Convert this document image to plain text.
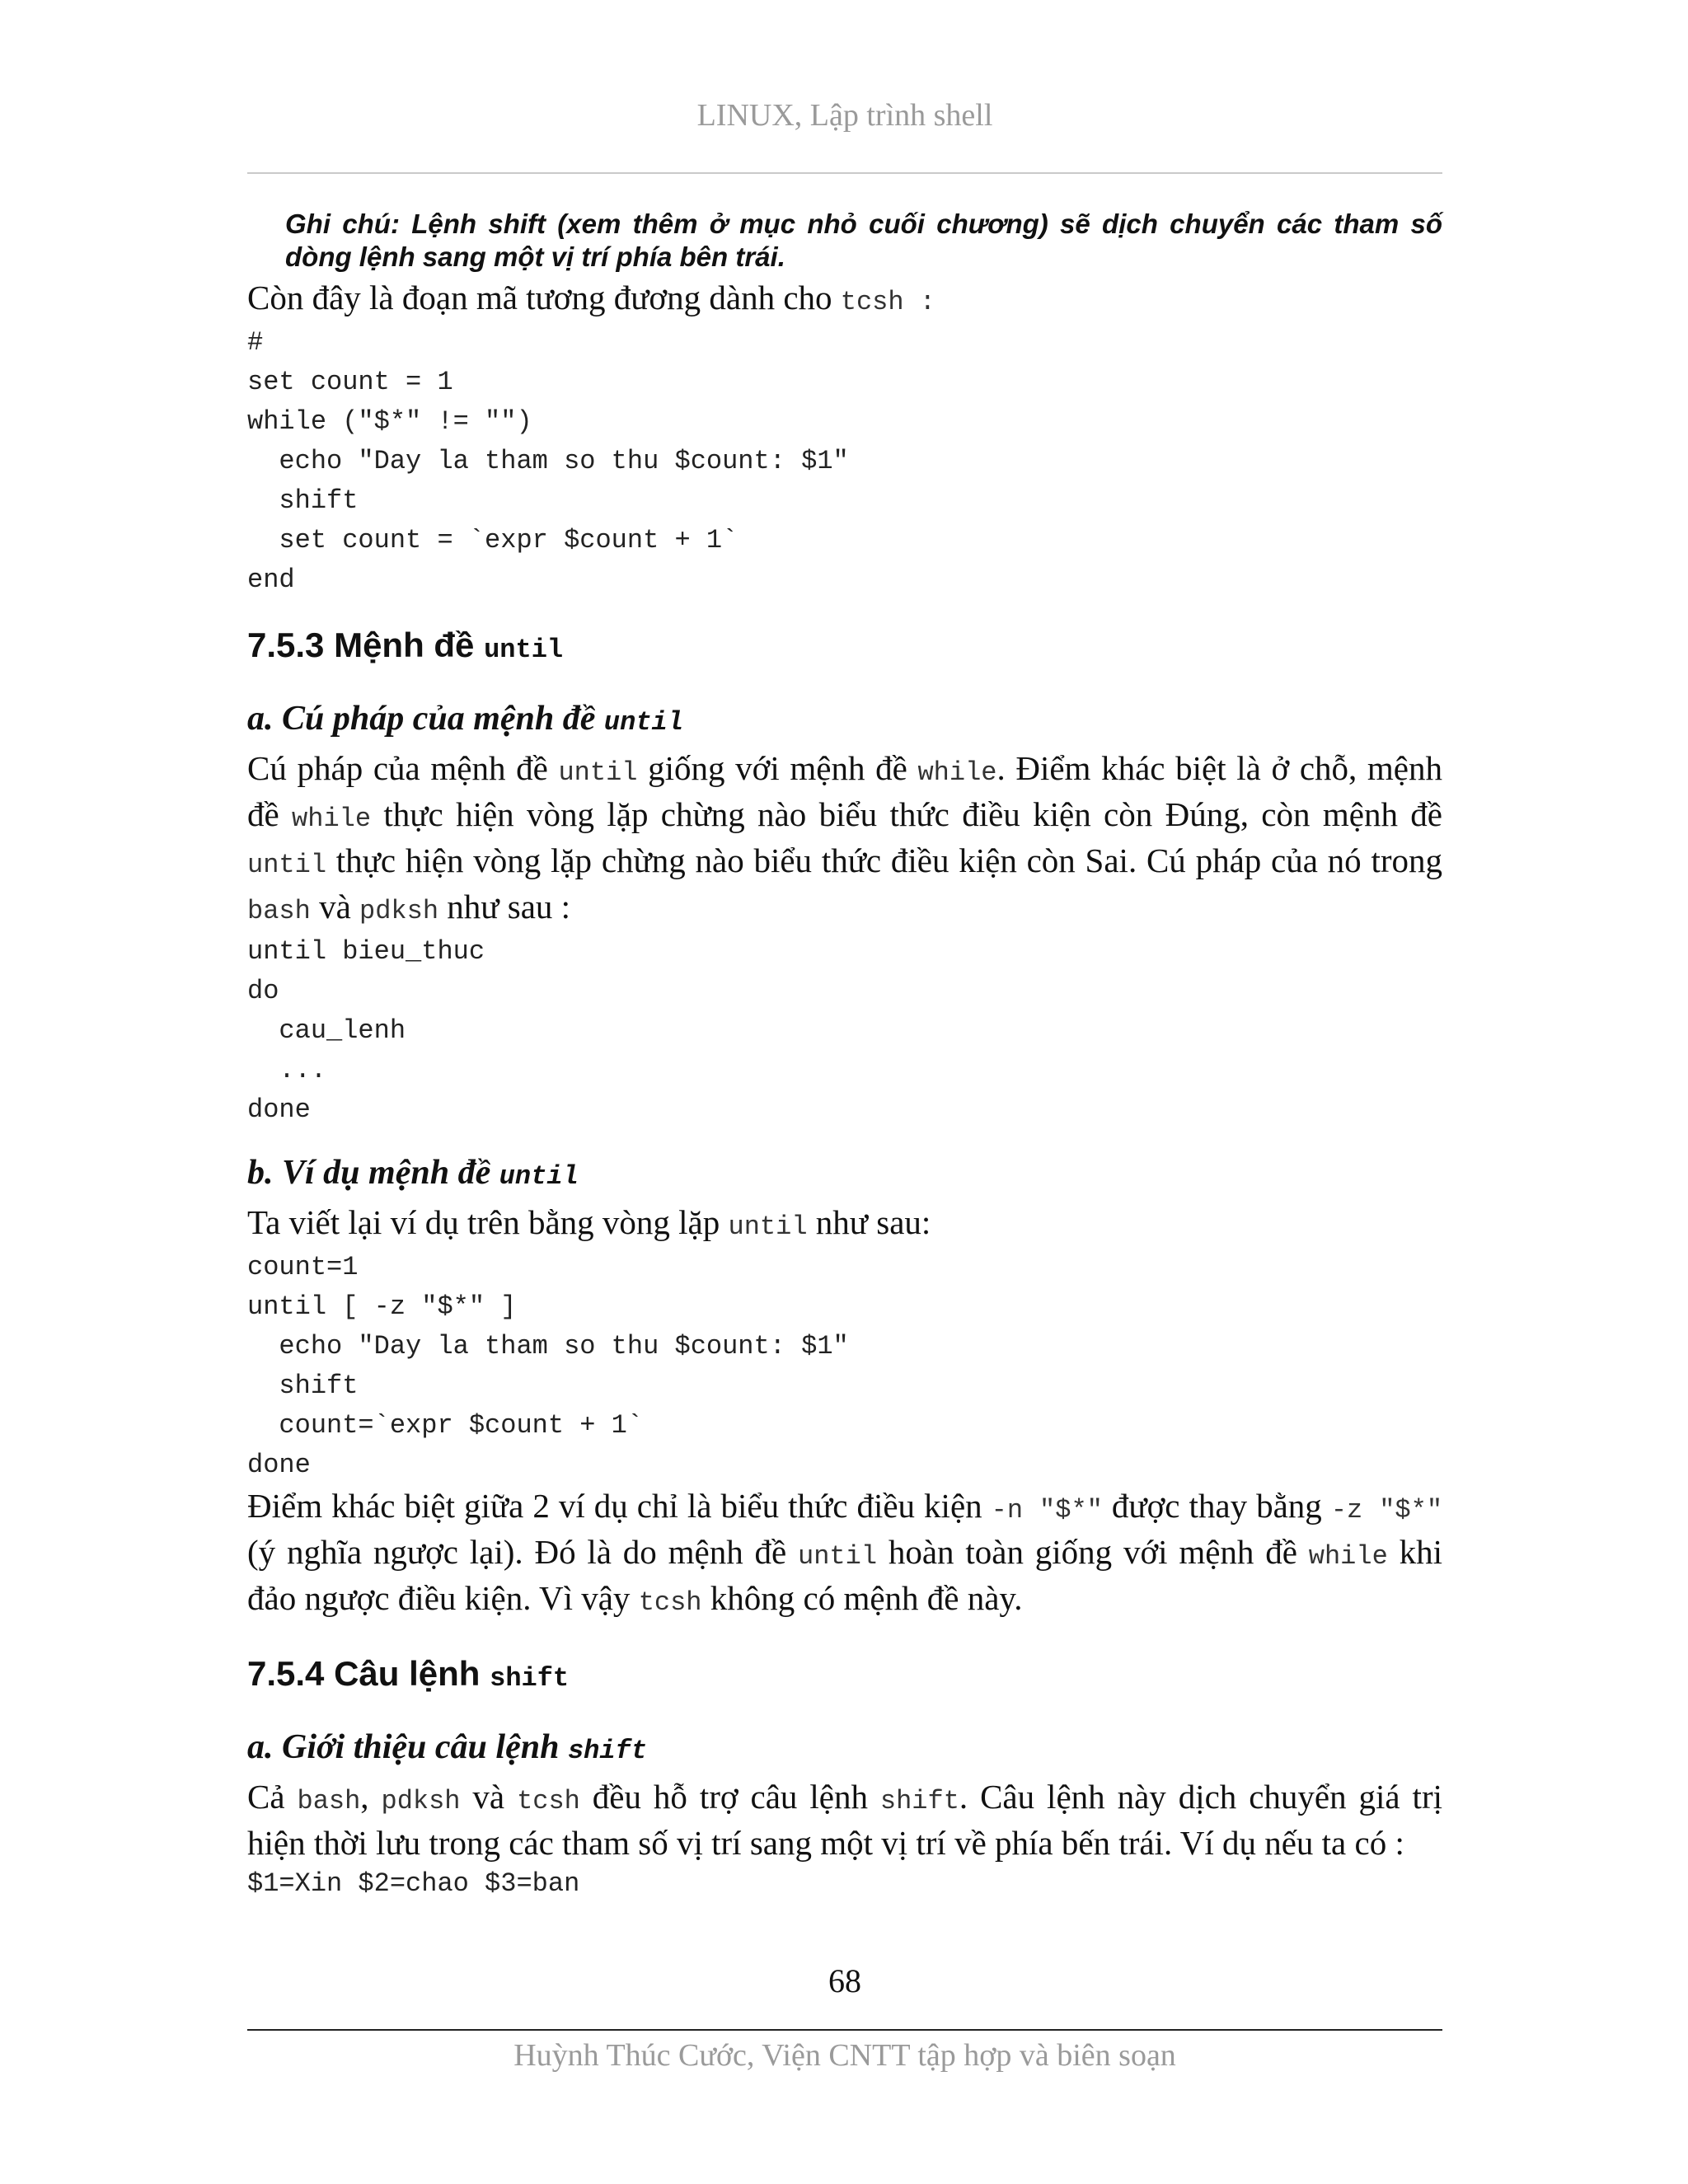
LINUX, Lập trình shell
Ghi chú: Lệnh shift (xem thêm ở mục nhỏ cuối chương) sẽ dịch chuyển các tham số dòng lệnh sang một vị trí phía bên trái.

Còn đây là đoạn mã tương đương dành cho tcsh :

#
set count = 1
while ("$*" != "")
echo "Day la tham so thu $count: $1"
shift
set count = `expr $count + 1`
end
7.5.3 Mệnh đề until
a. Cú pháp của mệnh đề until

Cú pháp của mệnh đề until giống với mệnh đề while. Điểm khác biệt là ở chỗ, mệnh đề while thực hiện vòng lặp chừng nào biểu thức điều kiện còn Đúng, còn mệnh đề until thực hiện vòng lặp chừng nào biểu thức điều kiện còn Sai. Cú pháp của nó trong bash và pdksh như sau :

until bieu_thuc
do
cau_lenh
...
done
b. Ví dụ mệnh đề until

Ta viết lại ví dụ trên bằng vòng lặp until như sau:

count=1
until [ -z "$*" ]
echo "Day la tham so thu $count: $1"
shift
count=`expr $count + 1`
done

Điểm khác biệt giữa 2 ví dụ chỉ là biểu thức điều kiện -n "$*" được thay bằng -z "$*" (ý nghĩa ngược lại). Đó là do mệnh đề until hoàn toàn giống với mệnh đề while khi đảo ngược điều kiện. Vì vậy tcsh không có mệnh đề này.

7.5.4 Câu lệnh shift
a. Giới thiệu câu lệnh shift

Cả bash, pdksh và tcsh đều hỗ trợ câu lệnh shift. Câu lệnh này dịch chuyển giá trị hiện thời lưu trong các tham số vị trí sang một vị trí về phía bến trái. Ví dụ nếu ta có :

$1=Xin $2=chao $3=ban
68
Huỳnh Thúc Cước, Viện CNTT tập hợp và biên soạn
